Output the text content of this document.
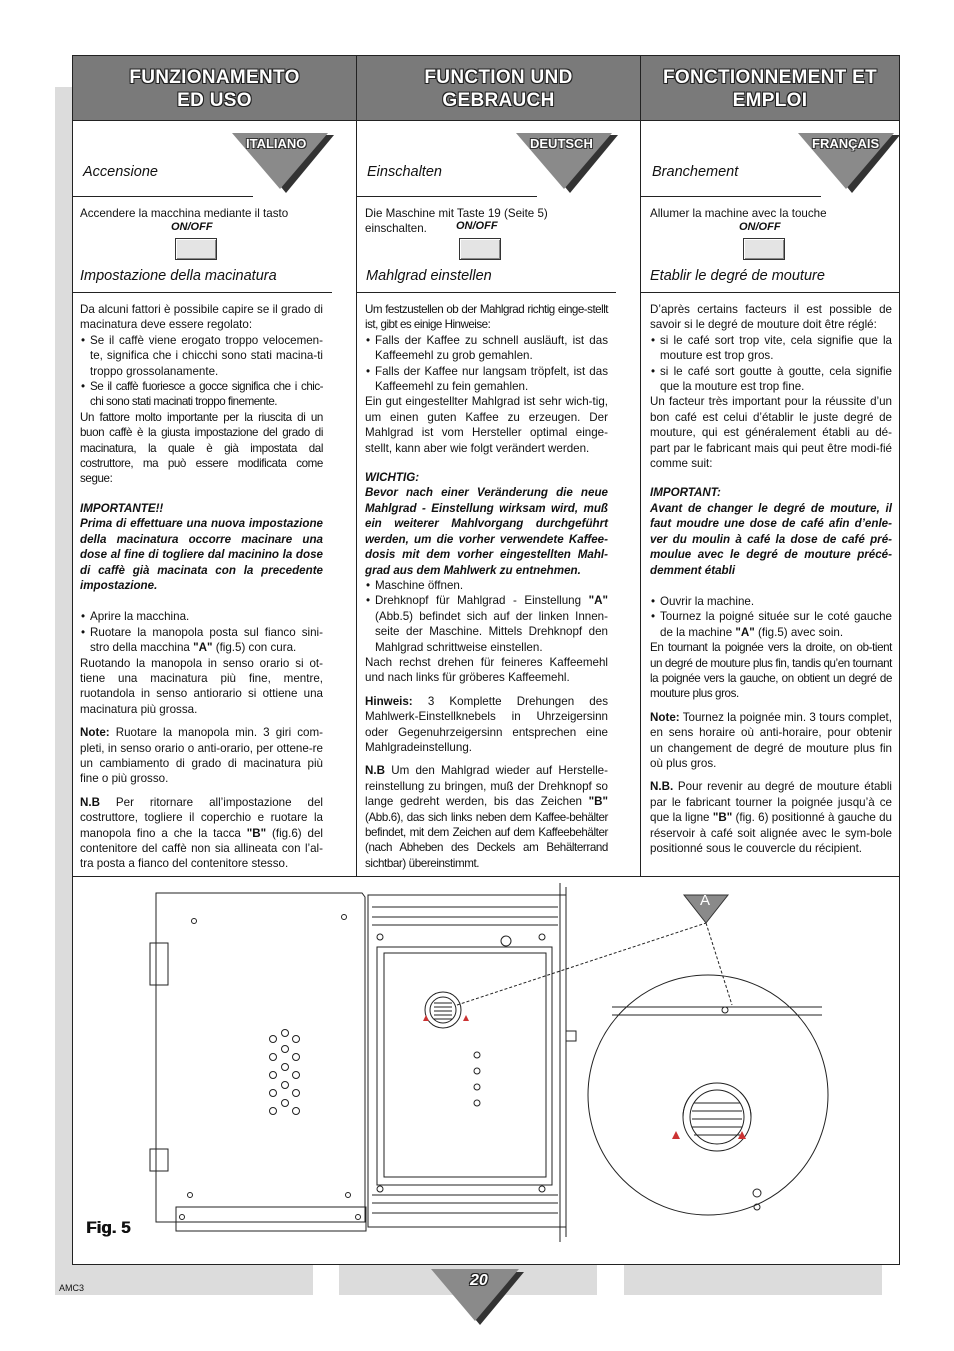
FUNZIONAMENTO
ED USO
ITALIANO
Accensione
Accendere la macchina mediante il tasto
ON/OFF
Impostazione della macinatura

Da alcuni fattori è possibile capire se il grado di macinatura deve essere regolato:

• Se il caffè viene erogato troppo velocemen-te, significa che i chicchi sono stati macina-ti troppo grossolanamente.
• Se il caffè fuoriesce a gocce significa che i chic-chi sono stati macinati troppo finemente.

Un fattore molto importante per la riuscita di un buon caffè è la giusta impostazione del grado di macinatura, la quale è già impostata dal costruttore, ma può essere modificata come segue:

IMPORTANTE!!

Prima di effettuare una nuova impostazione della macinatura occorre macinare una dose al fine di togliere dal macinino la dose di caffè già macinata con la precedente impostazione.

• Aprire la macchina.
• Ruotare la manopola posta sul fianco sini-stro della macchina "A" (fig.5) con cura.

Ruotando la manopola in senso orario si ot-tiene una macinatura più fine, mentre, ruotandola in senso antiorario si ottiene una macinatura più grossa.

Note: Ruotare la manopola min. 3 giri com-pleti, in senso orario o anti-orario, per ottene-re un cambiamento di grado di macinatura più fine o più grosso.

N.B Per ritornare all’impostazione del costruttore, togliere il coperchio e ruotare la manopola fino a che la tacca "B" (fig.6) del contenitore del caffè non sia allineata con l’al-tra posta a fianco del contenitore stesso.

FUNCTION UND
GEBRAUCH
DEUTSCH
Einschalten
Die Maschine mit Taste 19 (Seite 5) einschalten.	ON/OFF
Mahlgrad einstellen

Um festzustellen ob der Mahlgrad richtig einge-stellt ist, gibt es einige Hinweise:

• Falls der Kaffee zu schnell ausläuft, ist das Kaffeemehl zu grob gemahlen.
• Falls der Kaffee nur langsam tröpfelt, ist das Kaffeemehl zu fein gemahlen.

Ein gut eingestellter Mahlgrad ist sehr wich-tig, um einen guten Kaffee zu erzeugen. Der Mahlgrad ist vom Hersteller optimal einge-stellt, kann aber wie folgt verändert werden.

WICHTIG:

Bevor nach einer Veränderung die neue Mahlgrad - Einstellung wirksam wird, muß ein weiterer Mahlvorgang durchgeführt werden, um die vorher verwendete Kaffee-dosis mit dem vorher eingestellten Mahl-grad aus dem Mahlwerk zu entnehmen.

• Maschine öffnen.
• Drehknopf für Mahlgrad - Einstellung "A" (Abb.5) befindet sich auf der linken Innen-seite der Maschine. Mittels Drehknopf den Mahlgrad schrittweise einstellen.

Nach rechst drehen für feineres Kaffeemehl und nach links für gröberes Kaffeemehl.

Hinweis: 3 Komplette Drehungen des Mahlwerk-Einstellknebels in Uhrzeigersinn oder Gegenuhrzeigersinn entsprechen eine Mahlgradeinstellung.

N.B Um den Mahlgrad wieder auf Herstelle-reinstellung zu bringen, muß der Drehknopf so lange gedreht werden, bis das Zeichen "B" (Abb.6), das sich links neben dem Kaffee-behälter befindet, mit dem Zeichen auf dem Kaffeebehälter (nach Abheben des Deckels am Behälterrand sichtbar) übereinstimmt.

FONCTIONNEMENT ET
EMPLOI
FRANÇAIS
Branchement
Allumer la machine avec la touche
ON/OFF
Etablir le degré de mouture

D’après certains facteurs il est possible de savoir si le degré de mouture doit être réglé:

• si le café sort trop vite, cela signifie que la mouture est trop gros.
• si le café sort goutte à goutte, cela signifie que la mouture est trop fine.

Un facteur très important pour la réussite d’un bon café est celui d’établir le juste degré de mouture, qui est généralement établi au dé-part par le fabricant mais qui peut être modi-fié comme suit:

IMPORTANT:

Avant de changer le degré de mouture, il faut moudre une dose de café afin d’enle-ver du moulin à café la dose de café pré-moulue avec le degré de mouture précé-demment établi

• Ouvrir la machine.
• Tournez la poigné située sur le coté gauche de la machine "A" (fig.5) avec soin.

En tournant la poignée vers la droite, on ob-tient un degré de mouture plus fin, tandis qu’en tournant la poignée vers la gauche, on obtient un degré de mouture plus gros.

Note: Tournez la poignée min. 3 tours complet, en sens horaire où anti-horaire, pour obtenir un changement de degré de mouture plus fin où plus gros.

N.B. Pour revenir au degré de mouture établi par le fabricant tourner la poignée jusqu’à ce que la ligne "B" (fig. 6) positionné à gauche du réservoir à café soit alignée avec le sym-bole positionné sous le couvercle du récipient.

A
Fig. 5
AMC3	20
